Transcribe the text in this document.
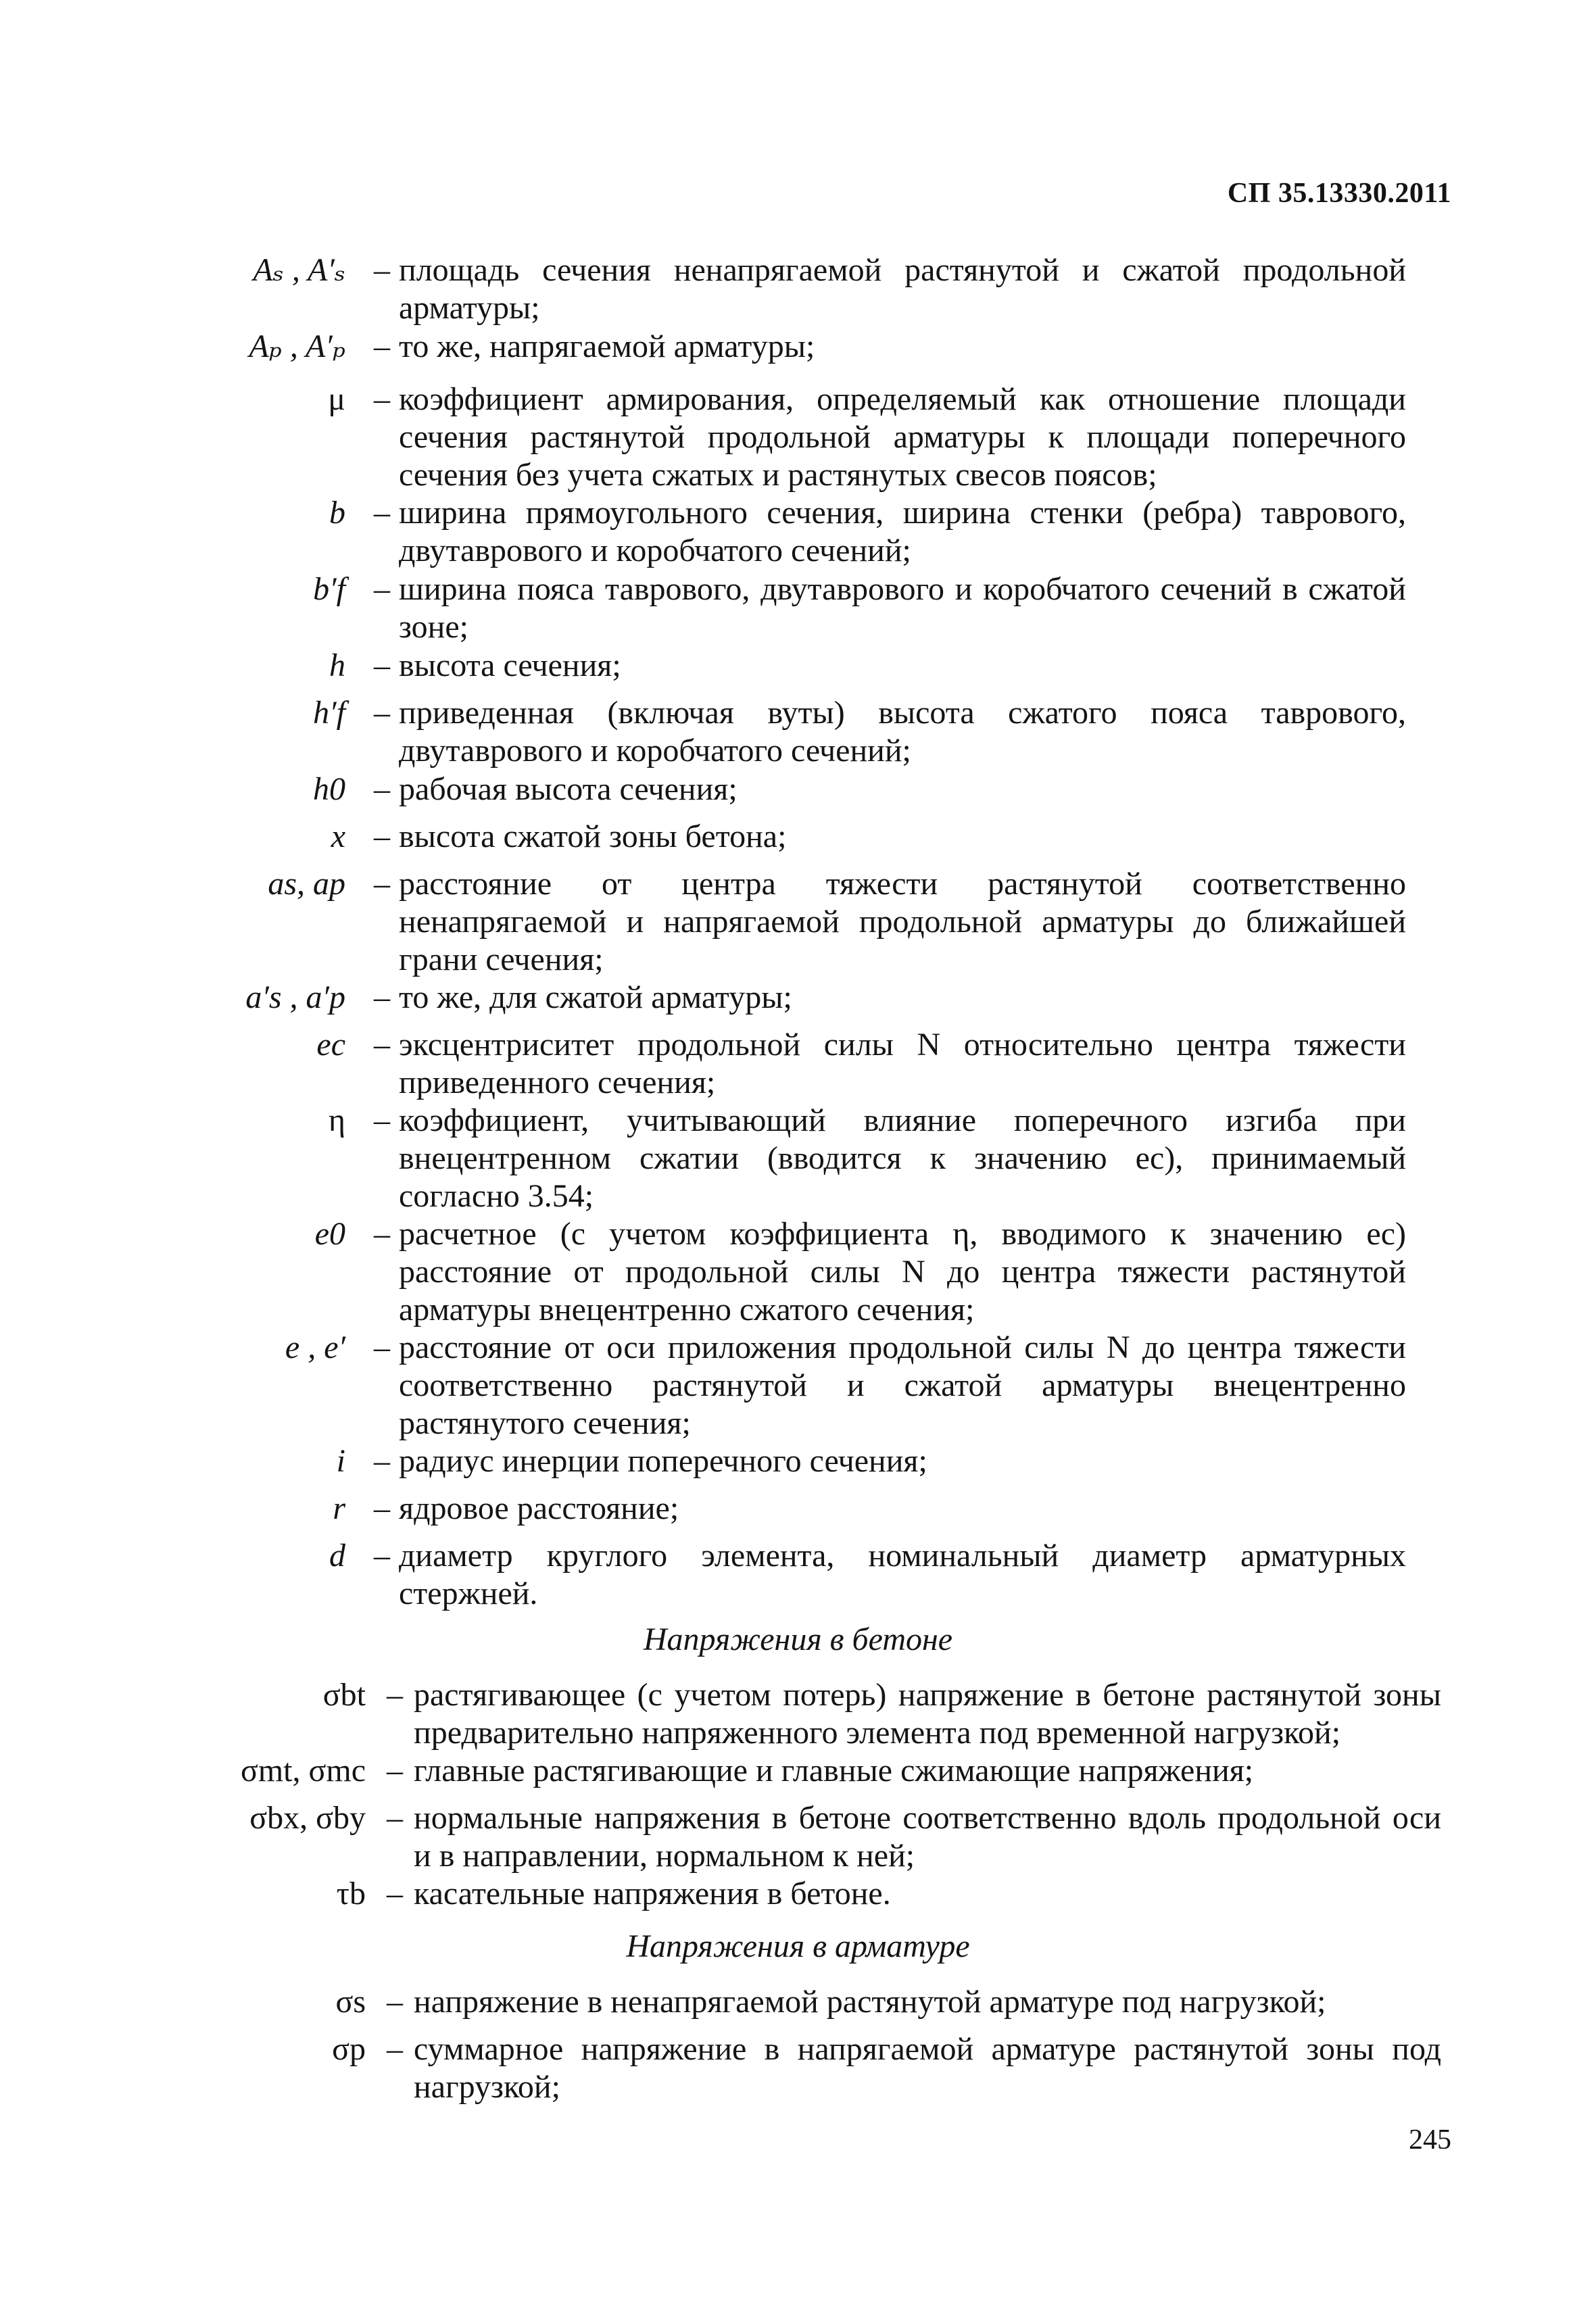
СП 35.13330.2011
Aₛ , A′ₛ – площадь сечения ненапрягаемой растянутой и сжатой продольной арматуры;
Aₚ , A′ₚ – то же, напрягаемой арматуры;
μ – коэффициент армирования, определяемый как отношение площади сечения растянутой продольной арматуры к площади поперечного сечения без учета сжатых и растянутых свесов поясов;
b – ширина прямоугольного сечения, ширина стенки (ребра) таврового, двутаврового и коробчатого сечений;
b′f – ширина пояса таврового, двутаврового и коробчатого сечений в сжатой зоне;
h – высота сечения;
h′f – приведенная (включая вуты) высота сжатого пояса таврового, двутаврового и коробчатого сечений;
h0 – рабочая высота сечения;
x – высота сжатой зоны бетона;
as, ap – расстояние от центра тяжести растянутой соответственно ненапрягаемой и напрягаемой продольной арматуры до ближайшей грани сечения;
a′s , a′p – то же, для сжатой арматуры;
ec – эксцентриситет продольной силы N относительно центра тяжести приведенного сечения;
η – коэффициент, учитывающий влияние поперечного изгиба при внецентренном сжатии (вводится к значению ec), принимаемый согласно 3.54;
e0 – расчетное (с учетом коэффициента η, вводимого к значению ec) расстояние от продольной силы N до центра тяжести растянутой арматуры внецентренно сжатого сечения;
e , e′ – расстояние от оси приложения продольной силы N до центра тяжести соответственно растянутой и сжатой арматуры внецентренно растянутого сечения;
i – радиус инерции поперечного сечения;
r – ядровое расстояние;
d – диаметр круглого элемента, номинальный диаметр арматурных стержней.
Напряжения в бетоне
σbt – растягивающее (с учетом потерь) напряжение в бетоне растянутой зоны предварительно напряженного элемента под временной нагрузкой;
σmt, σmc – главные растягивающие и главные сжимающие напряжения;
σbx, σby – нормальные напряжения в бетоне соответственно вдоль продольной оси и в направлении, нормальном к ней;
τb – касательные напряжения в бетоне.
Напряжения в арматуре
σs – напряжение в ненапрягаемой растянутой арматуре под нагрузкой;
σp – суммарное напряжение в напрягаемой арматуре растянутой зоны под нагрузкой;
245
